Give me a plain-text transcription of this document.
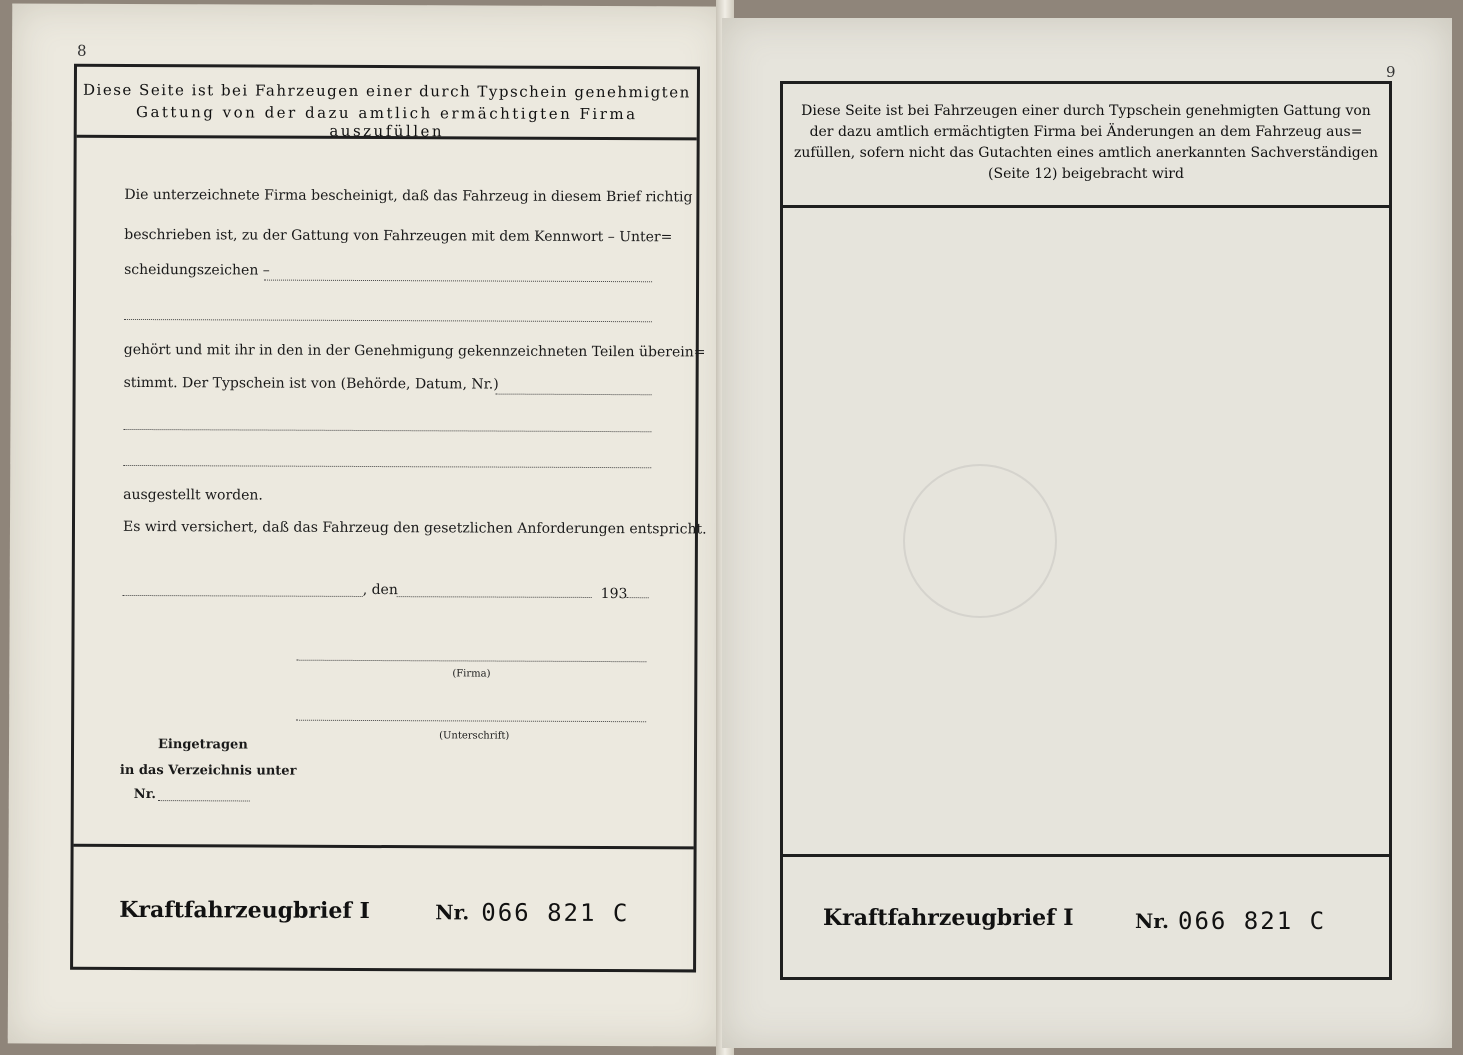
8
Diese Seite ist bei Fahrzeugen einer durch Typschein genehmigten
Gattung von der dazu amtlich ermächtigten Firma auszufüllen
Die unterzeichnete Firma bescheinigt, daß das Fahrzeug in diesem Brief richtig
beschrieben ist, zu der Gattung von Fahrzeugen mit dem Kennwort – Unter=
scheidungszeichen –
gehört und mit ihr in den in der Genehmigung gekennzeichneten Teilen überein=
stimmt. Der Typschein ist von (Behörde, Datum, Nr.)
ausgestellt worden.
Es wird versichert, daß das Fahrzeug den gesetzlichen Anforderungen entspricht.
, den	193
(Firma)
(Unterschrift)
Eingetragen
in das Verzeichnis unter
Nr.
Kraftfahrzeugbrief I	Nr. 066 821 C
9
Diese Seite ist bei Fahrzeugen einer durch Typschein genehmigten Gattung von
der dazu amtlich ermächtigten Firma bei Änderungen an dem Fahrzeug aus=
zufüllen, sofern nicht das Gutachten eines amtlich anerkannten Sachverständigen
(Seite 12) beigebracht wird
Kraftfahrzeugbrief I	Nr. 066 821 C
